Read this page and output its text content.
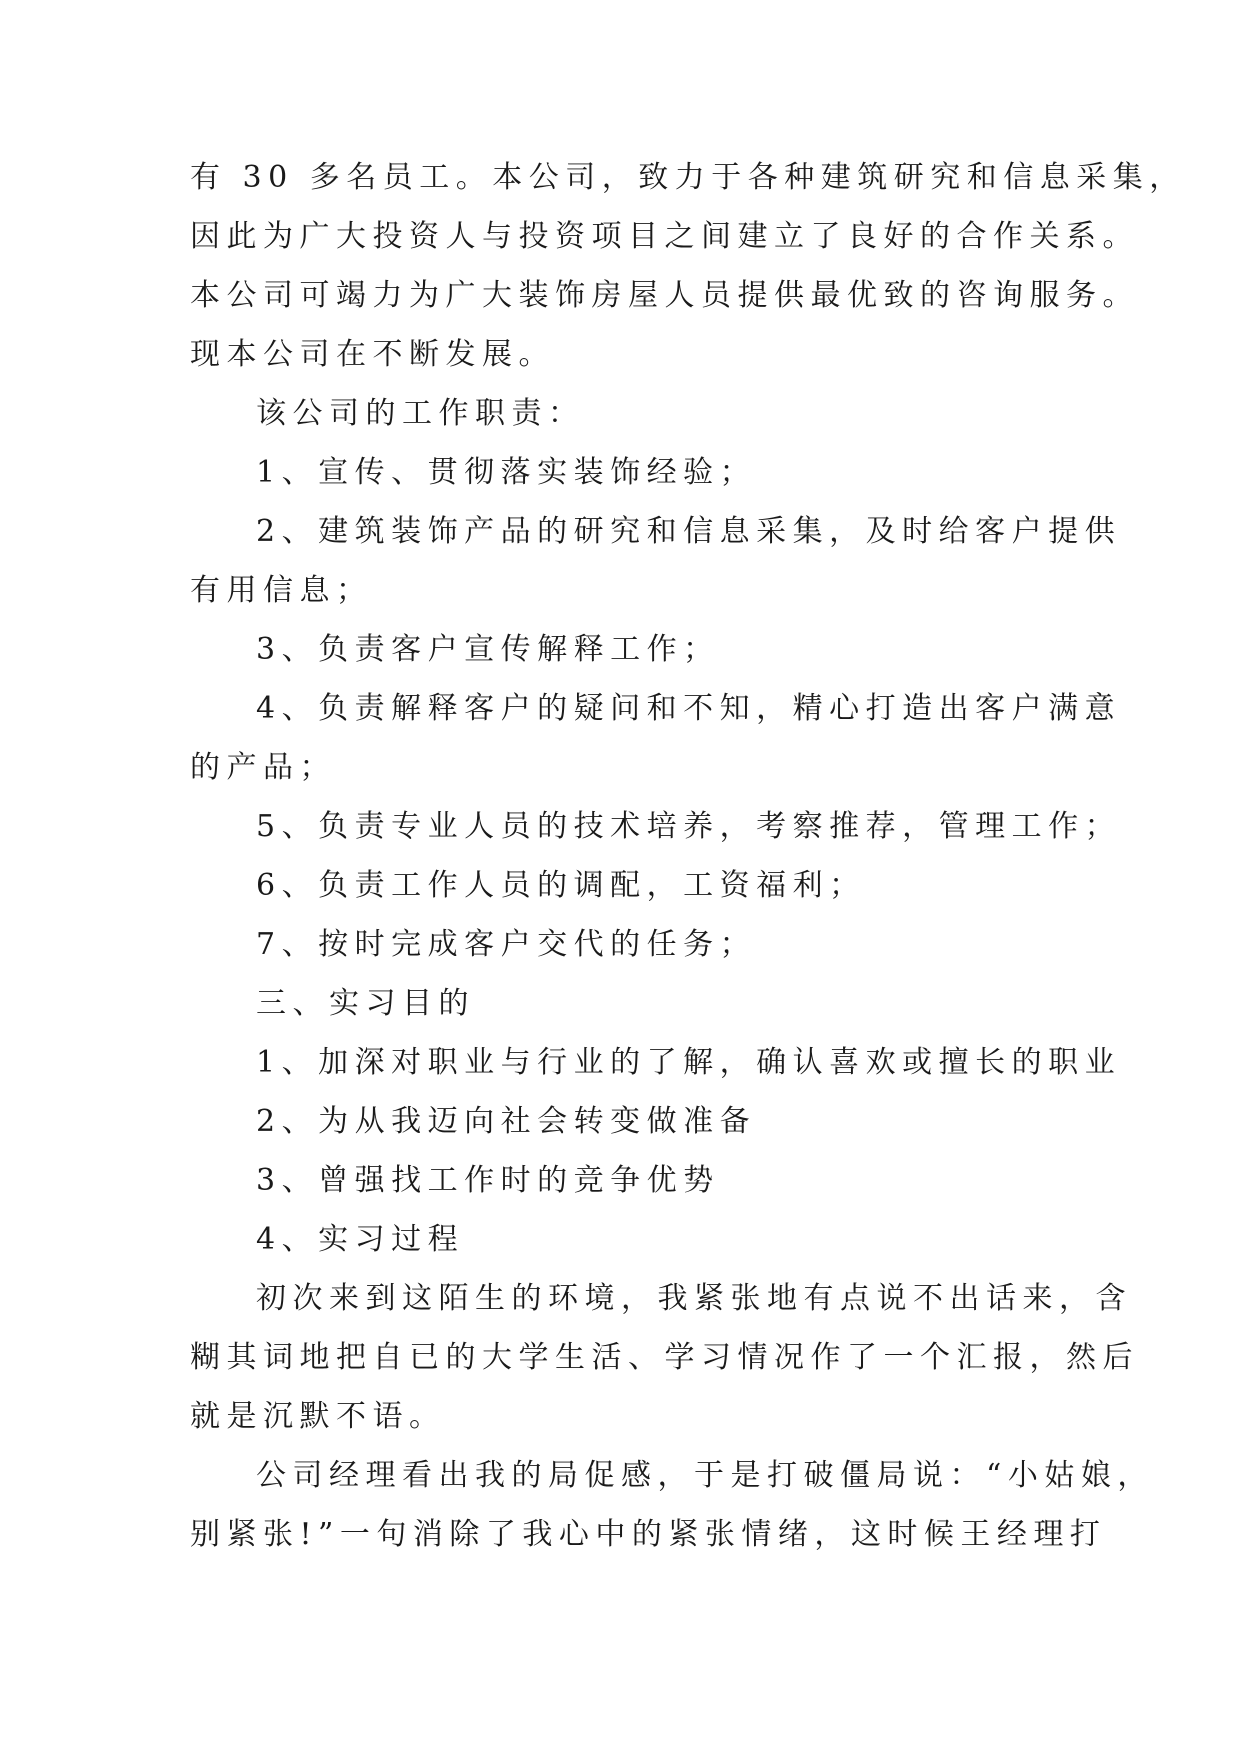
有 30 多名员工。本公司，致力于各种建筑研究和信息采集，
因此为广大投资人与投资项目之间建立了良好的合作关系。
本公司可竭力为广大装饰房屋人员提供最优致的咨询服务。
现本公司在不断发展。
该公司的工作职责：
1、宣传、贯彻落实装饰经验；
2、建筑装饰产品的研究和信息采集，及时给客户提供
有用信息；
3、负责客户宣传解释工作；
4、负责解释客户的疑问和不知，精心打造出客户满意
的产品；
5、负责专业人员的技术培养，考察推荐，管理工作；
6、负责工作人员的调配，工资福利；
7、按时完成客户交代的任务；
三、实习目的
1、加深对职业与行业的了解，确认喜欢或擅长的职业
2、为从我迈向社会转变做准备
3、曾强找工作时的竞争优势
4、实习过程
初次来到这陌生的环境，我紧张地有点说不出话来，含
糊其词地把自已的大学生活、学习情况作了一个汇报，然后
就是沉默不语。
公司经理看出我的局促感，于是打破僵局说：“小姑娘，
别紧张!”一句消除了我心中的紧张情绪，这时候王经理打
